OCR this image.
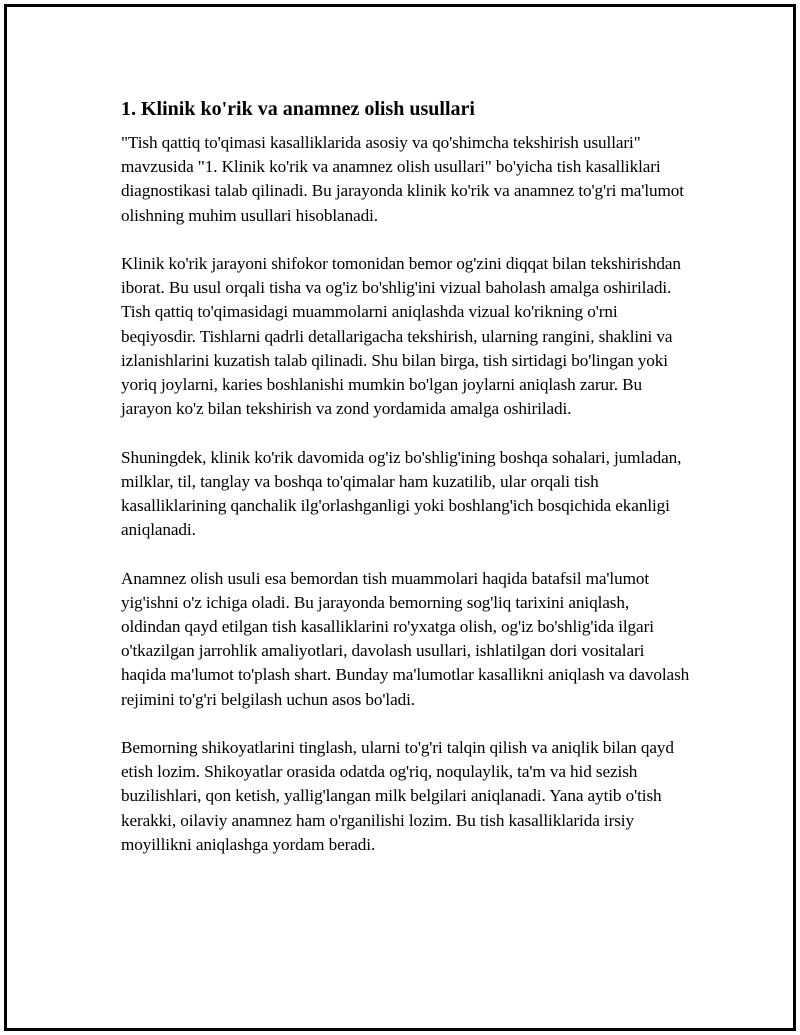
1. Klinik ko'rik va anamnez olish usullari

"Tish qattiq to'qimasi kasalliklarida asosiy va qo'shimcha tekshirish usullari" mavzusida "1. Klinik ko'rik va anamnez olish usullari" bo'yicha tish kasalliklari diagnostikasi talab qilinadi. Bu jarayonda klinik ko'rik va anamnez to'g'ri ma'lumot olishning muhim usullari hisoblanadi.

Klinik ko'rik jarayoni shifokor tomonidan bemor og'zini diqqat bilan tekshirishdan iborat. Bu usul orqali tisha va og'iz bo'shlig'ini vizual baholash amalga oshiriladi. Tish qattiq to'qimasidagi muammolarni aniqlashda vizual ko'rikning o'rni beqiyosdir. Tishlarni qadrli detallarigacha tekshirish, ularning rangini, shaklini va izlanishlarini kuzatish talab qilinadi. Shu bilan birga, tish sirtidagi bo'lingan yoki yoriq joylarni, karies boshlanishi mumkin bo'lgan joylarni aniqlash zarur. Bu jarayon ko'z bilan tekshirish va zond yordamida amalga oshiriladi.

Shuningdek, klinik ko'rik davomida og'iz bo'shlig'ining boshqa sohalari, jumladan, milklar, til, tanglay va boshqa to'qimalar ham kuzatilib, ular orqali tish kasalliklarining qanchalik ilg'orlashganligi yoki boshlang'ich bosqichida ekanligi aniqlanadi.

Anamnez olish usuli esa bemordan tish muammolari haqida batafsil ma'lumot yig'ishni o'z ichiga oladi. Bu jarayonda bemorning sog'liq tarixini aniqlash, oldindan qayd etilgan tish kasalliklarini ro'yxatga olish, og'iz bo'shlig'ida ilgari o'tkazilgan jarrohlik amaliyotlari, davolash usullari, ishlatilgan dori vositalari haqida ma'lumot to'plash shart. Bunday ma'lumotlar kasallikni aniqlash va davolash rejimini to'g'ri belgilash uchun asos bo'ladi.

Bemorning shikoyatlarini tinglash, ularni to'g'ri talqin qilish va aniqlik bilan qayd etish lozim. Shikoyatlar orasida odatda og'riq, noqulaylik, ta'm va hid sezish buzilishlari, qon ketish, yallig'langan milk belgilari aniqlanadi. Yana aytib o'tish kerakki, oilaviy anamnez ham o'rganilishi lozim. Bu tish kasalliklarida irsiy moyillikni aniqlashga yordam beradi.
